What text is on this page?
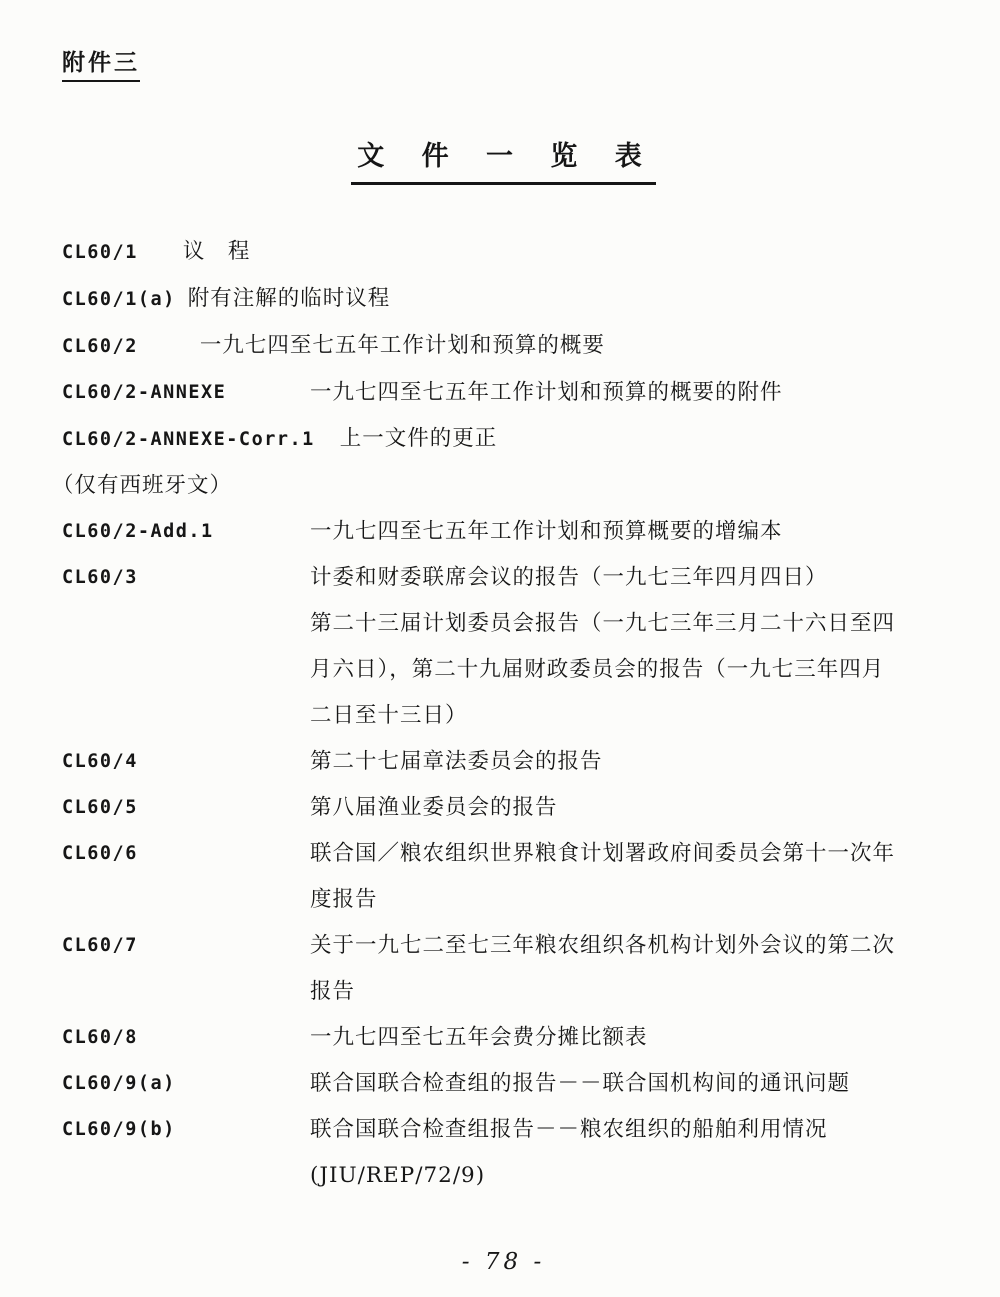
附件三
文 件 一 览 表
CL60/1 议　程
CL60/1(a) 附有注解的临时议程
CL60/2	一九七四至七五年工作计划和预算的概要
CL60/2-ANNEXE	一九七四至七五年工作计划和预算的概要的附件
CL60/2-ANNEXE-Corr.1 上一文件的更正
（仅有西班牙文）
CL60/2-Add.1	一九七四至七五年工作计划和预算概要的增编本
CL60/3	计委和财委联席会议的报告（一九七三年四月四日）
第二十三届计划委员会报告（一九七三年三月二十六日至四
月六日），第二十九届财政委员会的报告（一九七三年四月
二日至十三日）
CL60/4	第二十七届章法委员会的报告
CL60/5	第八届渔业委员会的报告
CL60/6	联合国／粮农组织世界粮食计划署政府间委员会第十一次年
度报告
CL60/7	关于一九七二至七三年粮农组织各机构计划外会议的第二次
报告
CL60/8	一九七四至七五年会费分摊比额表
CL60/9(a)	联合国联合检查组的报告－－联合国机构间的通讯问题
CL60/9(b)	联合国联合检查组报告－－粮农组织的船舶利用情况
(JIU/REP/72/9)
- 78 -
